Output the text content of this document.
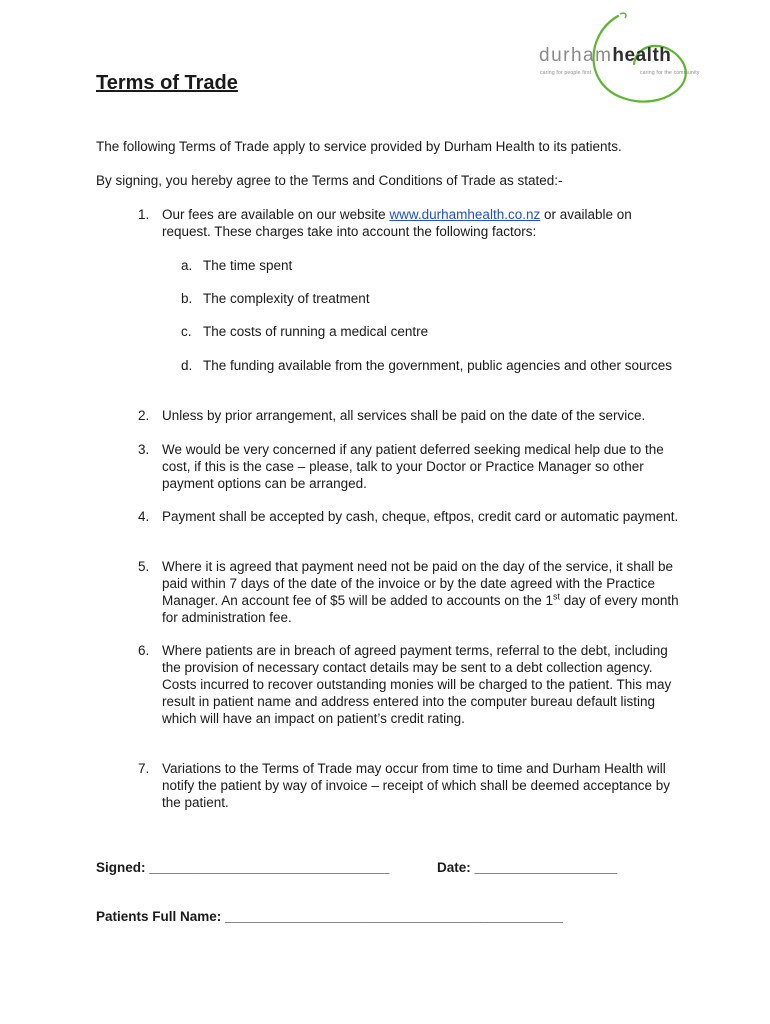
durhamhealth
caring for people first	caring for the community
Terms of Trade

The following Terms of Trade apply to service provided by Durham Health to its patients.

By signing, you hereby agree to the Terms and Conditions of Trade as stated:-

1. Our fees are available on our website www.durhamhealth.co.nz or available on request. These charges take into account the following factors:
a. The time spent
b. The complexity of treatment
c. The costs of running a medical centre
d. The funding available from the government, public agencies and other sources
2. Unless by prior arrangement, all services shall be paid on the date of the service.
3. We would be very concerned if any patient deferred seeking medical help due to the cost, if this is the case – please, talk to your Doctor or Practice Manager so other payment options can be arranged.
4. Payment shall be accepted by cash, cheque, eftpos, credit card or automatic payment.
5. Where it is agreed that payment need not be paid on the day of the service, it shall be paid within 7 days of the date of the invoice or by the date agreed with the Practice Manager. An account fee of $5 will be added to accounts on the 1st day of every month for administration fee.
6. Where patients are in breach of agreed payment terms, referral to the debt, including the provision of necessary contact details may be sent to a debt collection agency. Costs incurred to recover outstanding monies will be charged to the patient. This may result in patient name and address entered into the computer bureau default listing which will have an impact on patient’s credit rating.
7. Variations to the Terms of Trade may occur from time to time and Durham Health will notify the patient by way of invoice – receipt of which shall be deemed acceptance by the patient.
Signed: ________________________________	Date: ___________________
Patients Full Name: _____________________________________________
